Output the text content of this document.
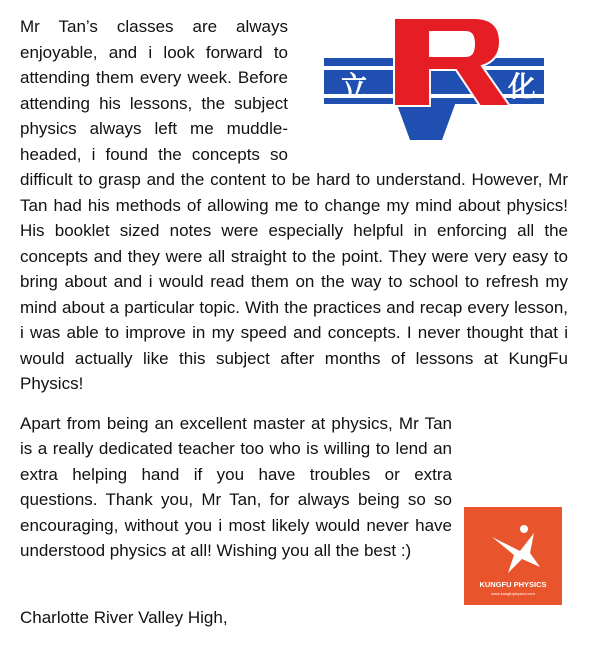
立	化

Mr Tan’s classes are always enjoyable, and i look forward to attending them every week. Before attending his lessons, the subject physics always left me muddle-headed, i found the concepts so difficult to grasp and the content to be hard to understand. However, Mr Tan had his methods of allowing me to change my mind about physics! His booklet sized notes were especially helpful in enforcing all the concepts and they were all straight to the point. They were very easy to bring about and i would read them on the way to school to refresh my mind about a particular topic. With the practices and recap every lesson, i was able to improve in my speed and concepts. I never thought that i would actually like this subject after months of lessons at KungFu Physics!

KUNGFU PHYSICS
www.kungfuphysics.com
Apart from being an excellent master at physics, Mr Tan is a really dedicated teacher too who is willing to lend an extra helping hand if you have troubles or extra questions. Thank you, Mr Tan, for always being so so encouraging, without you i most likely would never have understood physics at all! Wishing you all the best :)

Charlotte River Valley High,
